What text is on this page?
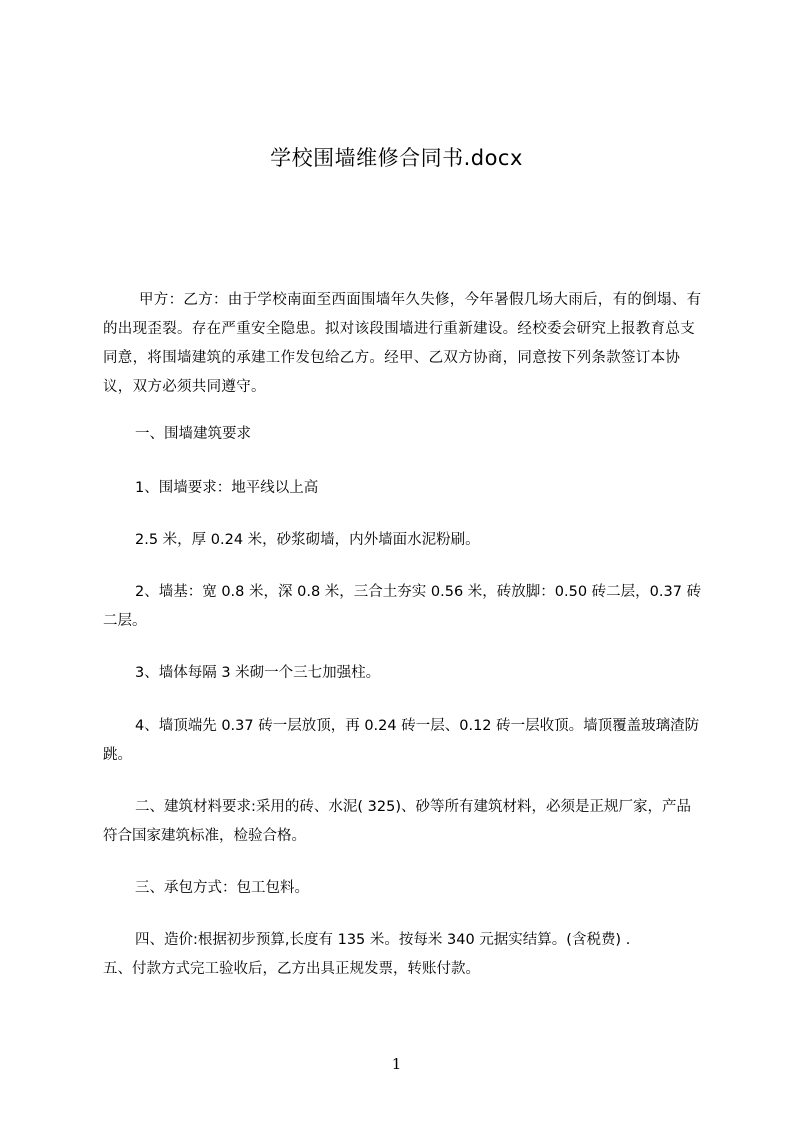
学校围墙维修合同书.docx

甲方：乙方：由于学校南面至西面围墙年久失修，今年暑假几场大雨后，有的倒塌、有的出现歪裂。存在严重安全隐患。拟对该段围墙进行重新建设。经校委会研究上报教育总支同意，将围墙建筑的承建工作发包给乙方。经甲、乙双方协商，同意按下列条款签订本协议，双方必须共同遵守。

一、围墙建筑要求

1、围墙要求：地平线以上高

2.5 米，厚 0.24 米，砂浆砌墙，内外墙面水泥粉刷。

2、墙基：宽 0.8 米，深 0.8 米，三合土夯实 0.56 米，砖放脚：0.50 砖二层，0.37 砖二层。

3、墙体每隔 3 米砌一个三七加强柱。

4、墙顶端先 0.37 砖一层放顶，再 0.24 砖一层、0.12 砖一层收顶。墙顶覆盖玻璃渣防跳。

二、建筑材料要求:采用的砖、水泥( 325)、砂等所有建筑材料，必须是正规厂家，产品符合国家建筑标准，检验合格。

三、承包方式：包工包料。

四、造价:根据初步预算,长度有 135 米。按每米 340 元据实结算。(含税费) .

五、付款方式完工验收后，乙方出具正规发票，转账付款。

1
